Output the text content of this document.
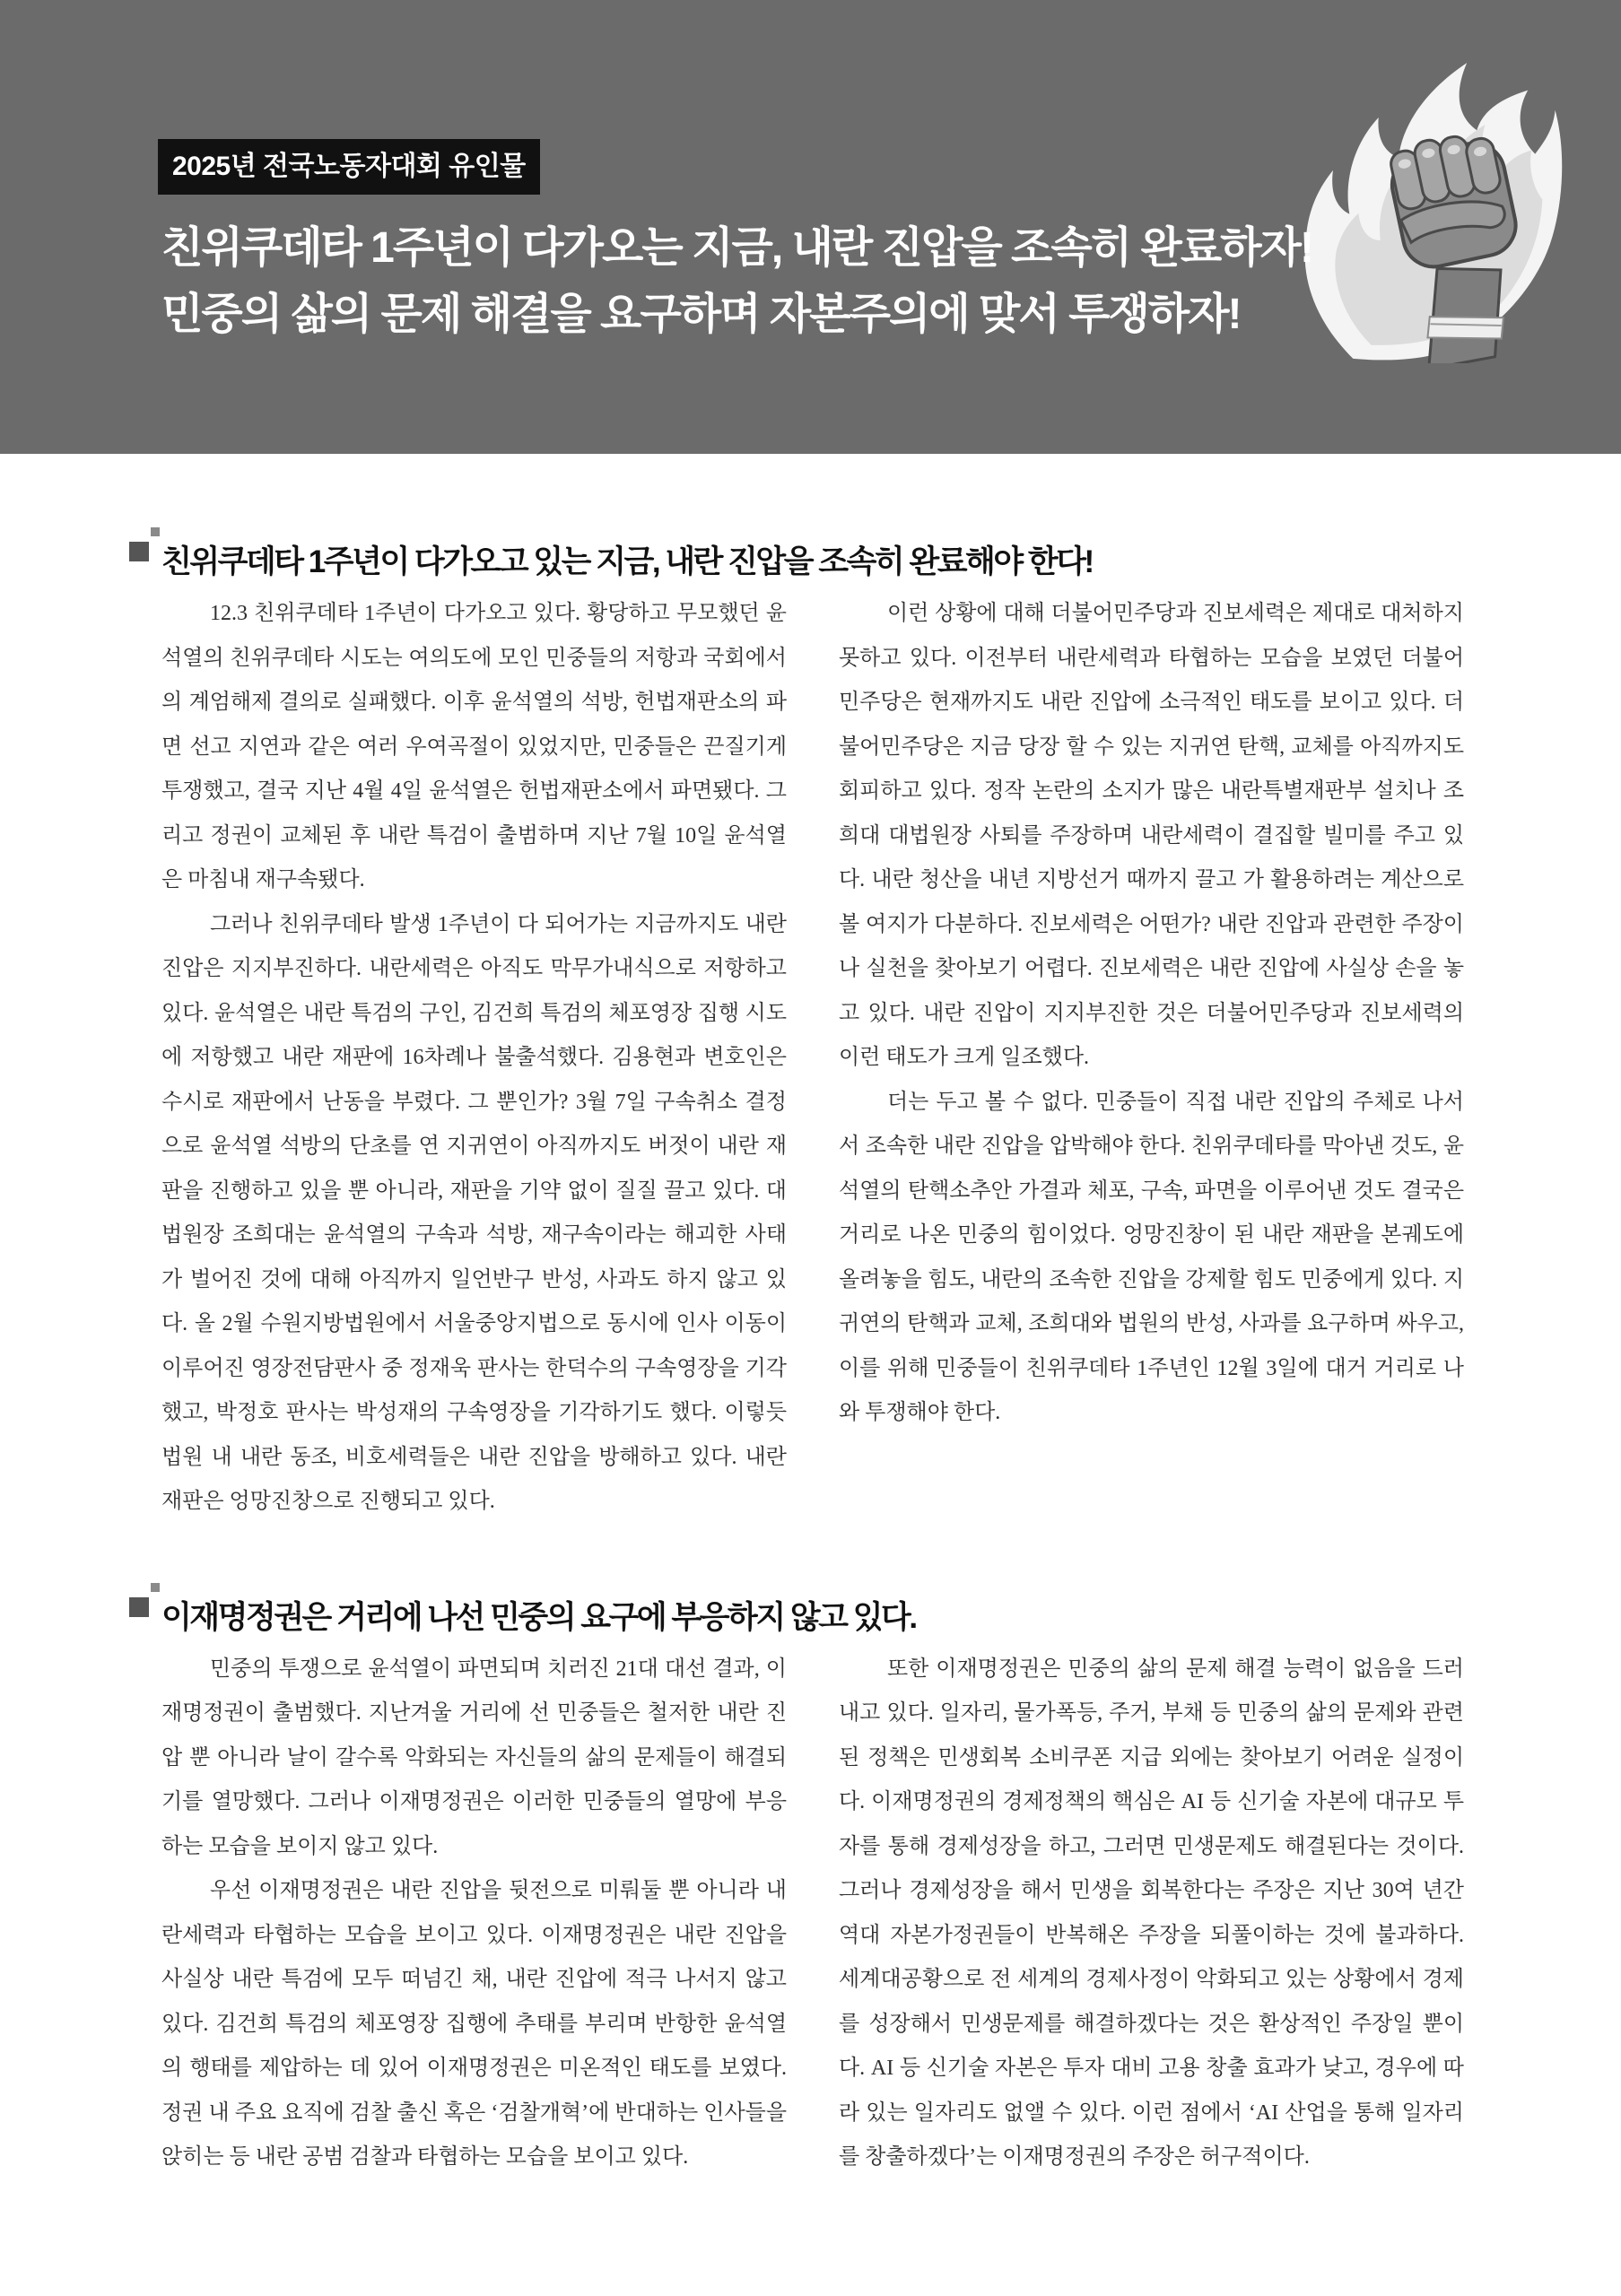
2025년 전국노동자대회 유인물
친위쿠데타 1주년이 다가오는 지금, 내란 진압을 조속히 완료하자!
민중의 삶의 문제 해결을 요구하며 자본주의에 맞서 투쟁하자!
친위쿠데타 1주년이 다가오고 있는 지금, 내란 진압을 조속히 완료해야 한다!

12.3 친위쿠데타 1주년이 다가오고 있다. 황당하고 무모했던 윤석열의 친위쿠데타 시도는 여의도에 모인 민중들의 저항과 국회에서의 계엄해제 결의로 실패했다. 이후 윤석열의 석방, 헌법재판소의 파면 선고 지연과 같은 여러 우여곡절이 있었지만, 민중들은 끈질기게 투쟁했고, 결국 지난 4월 4일 윤석열은 헌법재판소에서 파면됐다. 그리고 정권이 교체된 후 내란 특검이 출범하며 지난 7월 10일 윤석열은 마침내 재구속됐다.

그러나 친위쿠데타 발생 1주년이 다 되어가는 지금까지도 내란 진압은 지지부진하다. 내란세력은 아직도 막무가내식으로 저항하고 있다. 윤석열은 내란 특검의 구인, 김건희 특검의 체포영장 집행 시도에 저항했고 내란 재판에 16차례나 불출석했다. 김용현과 변호인은 수시로 재판에서 난동을 부렸다. 그 뿐인가? 3월 7일 구속취소 결정으로 윤석열 석방의 단초를 연 지귀연이 아직까지도 버젓이 내란 재판을 진행하고 있을 뿐 아니라, 재판을 기약 없이 질질 끌고 있다. 대법원장 조희대는 윤석열의 구속과 석방, 재구속이라는 해괴한 사태가 벌어진 것에 대해 아직까지 일언반구 반성, 사과도 하지 않고 있다. 올 2월 수원지방법원에서 서울중앙지법으로 동시에 인사 이동이 이루어진 영장전담판사 중 정재욱 판사는 한덕수의 구속영장을 기각했고, 박정호 판사는 박성재의 구속영장을 기각하기도 했다. 이렇듯 법원 내 내란 동조, 비호세력들은 내란 진압을 방해하고 있다. 내란 재판은 엉망진창으로 진행되고 있다.

이런 상황에 대해 더불어민주당과 진보세력은 제대로 대처하지 못하고 있다. 이전부터 내란세력과 타협하는 모습을 보였던 더불어민주당은 현재까지도 내란 진압에 소극적인 태도를 보이고 있다. 더불어민주당은 지금 당장 할 수 있는 지귀연 탄핵, 교체를 아직까지도 회피하고 있다. 정작 논란의 소지가 많은 내란특별재판부 설치나 조희대 대법원장 사퇴를 주장하며 내란세력이 결집할 빌미를 주고 있다. 내란 청산을 내년 지방선거 때까지 끌고 가 활용하려는 계산으로 볼 여지가 다분하다. 진보세력은 어떤가? 내란 진압과 관련한 주장이나 실천을 찾아보기 어렵다. 진보세력은 내란 진압에 사실상 손을 놓고 있다. 내란 진압이 지지부진한 것은 더불어민주당과 진보세력의 이런 태도가 크게 일조했다.

더는 두고 볼 수 없다. 민중들이 직접 내란 진압의 주체로 나서서 조속한 내란 진압을 압박해야 한다. 친위쿠데타를 막아낸 것도, 윤석열의 탄핵소추안 가결과 체포, 구속, 파면을 이루어낸 것도 결국은 거리로 나온 민중의 힘이었다. 엉망진창이 된 내란 재판을 본궤도에 올려놓을 힘도, 내란의 조속한 진압을 강제할 힘도 민중에게 있다. 지귀연의 탄핵과 교체, 조희대와 법원의 반성, 사과를 요구하며 싸우고, 이를 위해 민중들이 친위쿠데타 1주년인 12월 3일에 대거 거리로 나와 투쟁해야 한다.

이재명정권은 거리에 나선 민중의 요구에 부응하지 않고 있다.

민중의 투쟁으로 윤석열이 파면되며 치러진 21대 대선 결과, 이재명정권이 출범했다. 지난겨울 거리에 선 민중들은 철저한 내란 진압 뿐 아니라 날이 갈수록 악화되는 자신들의 삶의 문제들이 해결되기를 열망했다. 그러나 이재명정권은 이러한 민중들의 열망에 부응하는 모습을 보이지 않고 있다.

우선 이재명정권은 내란 진압을 뒷전으로 미뤄둘 뿐 아니라 내란세력과 타협하는 모습을 보이고 있다. 이재명정권은 내란 진압을 사실상 내란 특검에 모두 떠넘긴 채, 내란 진압에 적극 나서지 않고 있다. 김건희 특검의 체포영장 집행에 추태를 부리며 반항한 윤석열의 행태를 제압하는 데 있어 이재명정권은 미온적인 태도를 보였다. 정권 내 주요 요직에 검찰 출신 혹은 ‘검찰개혁’에 반대하는 인사들을 앉히는 등 내란 공범 검찰과 타협하는 모습을 보이고 있다.

또한 이재명정권은 민중의 삶의 문제 해결 능력이 없음을 드러내고 있다. 일자리, 물가폭등, 주거, 부채 등 민중의 삶의 문제와 관련된 정책은 민생회복 소비쿠폰 지급 외에는 찾아보기 어려운 실정이다. 이재명정권의 경제정책의 핵심은 AI 등 신기술 자본에 대규모 투자를 통해 경제성장을 하고, 그러면 민생문제도 해결된다는 것이다. 그러나 경제성장을 해서 민생을 회복한다는 주장은 지난 30여 년간 역대 자본가정권들이 반복해온 주장을 되풀이하는 것에 불과하다. 세계대공황으로 전 세계의 경제사정이 악화되고 있는 상황에서 경제를 성장해서 민생문제를 해결하겠다는 것은 환상적인 주장일 뿐이다. AI 등 신기술 자본은 투자 대비 고용 창출 효과가 낮고, 경우에 따라 있는 일자리도 없앨 수 있다. 이런 점에서 ‘AI 산업을 통해 일자리를 창출하겠다’는 이재명정권의 주장은 허구적이다.
